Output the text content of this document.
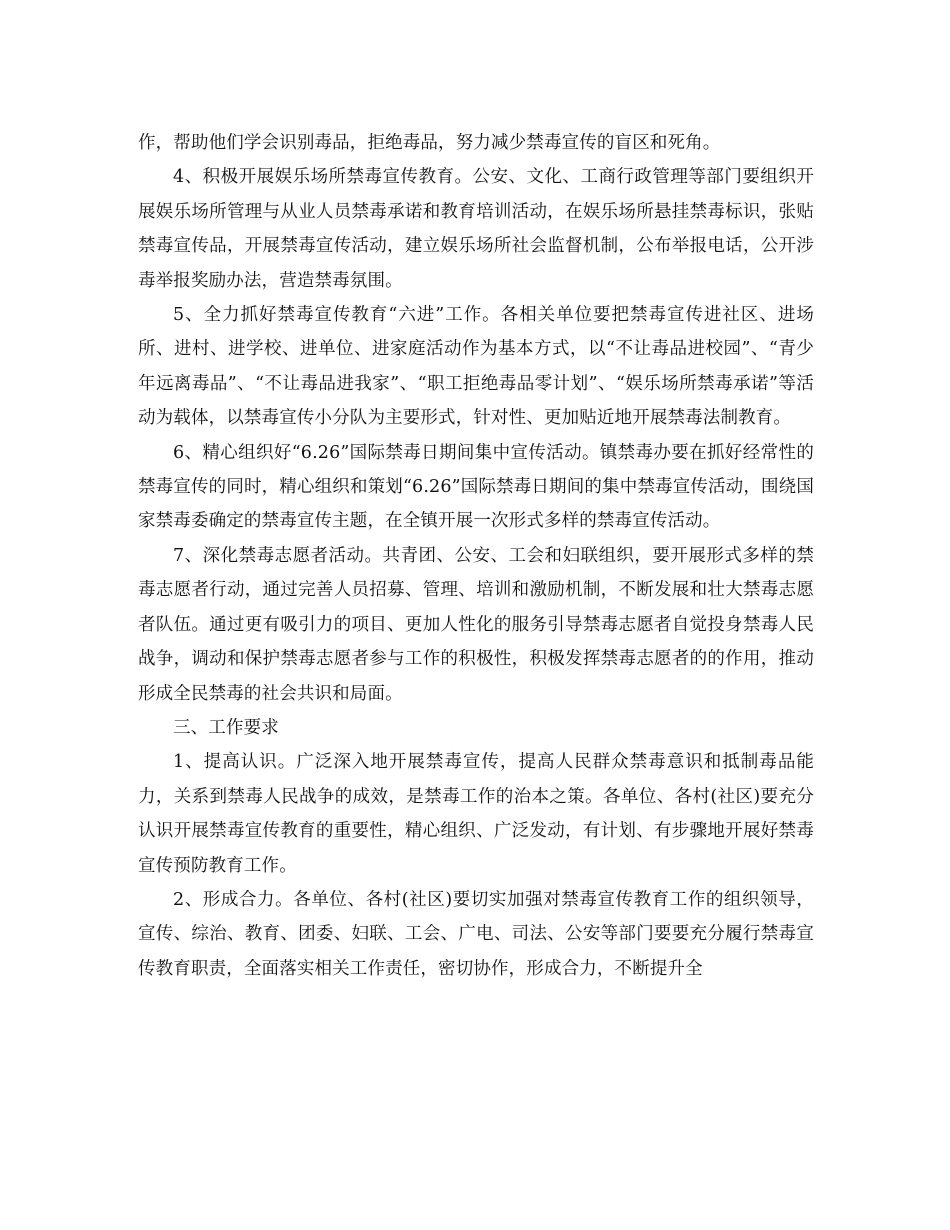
作，帮助他们学会识别毒品，拒绝毒品，努力减少禁毒宣传的盲区和死角。

4、积极开展娱乐场所禁毒宣传教育。公安、文化、工商行政管理等部门要组织开展娱乐场所管理与从业人员禁毒承诺和教育培训活动，在娱乐场所悬挂禁毒标识，张贴禁毒宣传品，开展禁毒宣传活动，建立娱乐场所社会监督机制，公布举报电话，公开涉毒举报奖励办法，营造禁毒氛围。

5、全力抓好禁毒宣传教育“六进”工作。各相关单位要把禁毒宣传进社区、进场所、进村、进学校、进单位、进家庭活动作为基本方式，以“不让毒品进校园”、“青少年远离毒品”、“不让毒品进我家”、“职工拒绝毒品零计划”、“娱乐场所禁毒承诺”等活动为载体，以禁毒宣传小分队为主要形式，针对性、更加贴近地开展禁毒法制教育。

6、精心组织好“6.26”国际禁毒日期间集中宣传活动。镇禁毒办要在抓好经常性的禁毒宣传的同时，精心组织和策划“6.26”国际禁毒日期间的集中禁毒宣传活动，围绕国家禁毒委确定的禁毒宣传主题，在全镇开展一次形式多样的禁毒宣传活动。

7、深化禁毒志愿者活动。共青团、公安、工会和妇联组织，要开展形式多样的禁毒志愿者行动，通过完善人员招募、管理、培训和激励机制，不断发展和壮大禁毒志愿者队伍。通过更有吸引力的项目、更加人性化的服务引导禁毒志愿者自觉投身禁毒人民战争，调动和保护禁毒志愿者参与工作的积极性，积极发挥禁毒志愿者的的作用，推动形成全民禁毒的社会共识和局面。

三、工作要求

1、提高认识。广泛深入地开展禁毒宣传，提高人民群众禁毒意识和抵制毒品能力，关系到禁毒人民战争的成效，是禁毒工作的治本之策。各单位、各村(社区)要充分认识开展禁毒宣传教育的重要性，精心组织、广泛发动，有计划、有步骤地开展好禁毒宣传预防教育工作。

2、形成合力。各单位、各村(社区)要切实加强对禁毒宣传教育工作的组织领导，宣传、综治、教育、团委、妇联、工会、广电、司法、公安等部门要要充分履行禁毒宣传教育职责，全面落实相关工作责任，密切协作，形成合力，不断提升全
